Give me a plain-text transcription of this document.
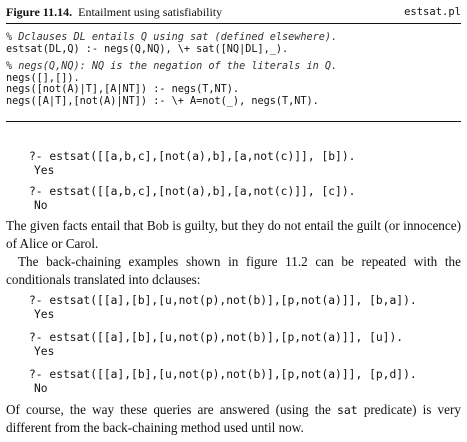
Figure 11.14. Entailment using satisfiability	estsat.pl
% Dclauses DL entails Q using sat (defined elsewhere).
estsat(DL,Q) :- negs(Q,NQ), \+ sat([NQ|DL],_).
% negs(Q,NQ): NQ is the negation of the literals in Q.
negs([],[]).
negs([not(A)|T],[A|NT]) :- negs(T,NT).
negs([A|T],[not(A)|NT]) :- \+ A=not(_), negs(T,NT).
?- estsat([[a,b,c],[not(a),b],[a,not(c)]], [b]).
Yes
?- estsat([[a,b,c],[not(a),b],[a,not(c)]], [c]).
No
The given facts entail that Bob is guilty, but they do not entail the guilt (or innocence) of Alice or Carol.
The back-chaining examples shown in figure 11.2 can be repeated with the conditionals translated into dclauses:
?- estsat([[a],[b],[u,not(p),not(b)],[p,not(a)]], [b,a]).
Yes
?- estsat([[a],[b],[u,not(p),not(b)],[p,not(a)]], [u]).
Yes
?- estsat([[a],[b],[u,not(p),not(b)],[p,not(a)]], [p,d]).
No
Of course, the way these queries are answered (using the sat predicate) is very different from the back-chaining method used until now.
